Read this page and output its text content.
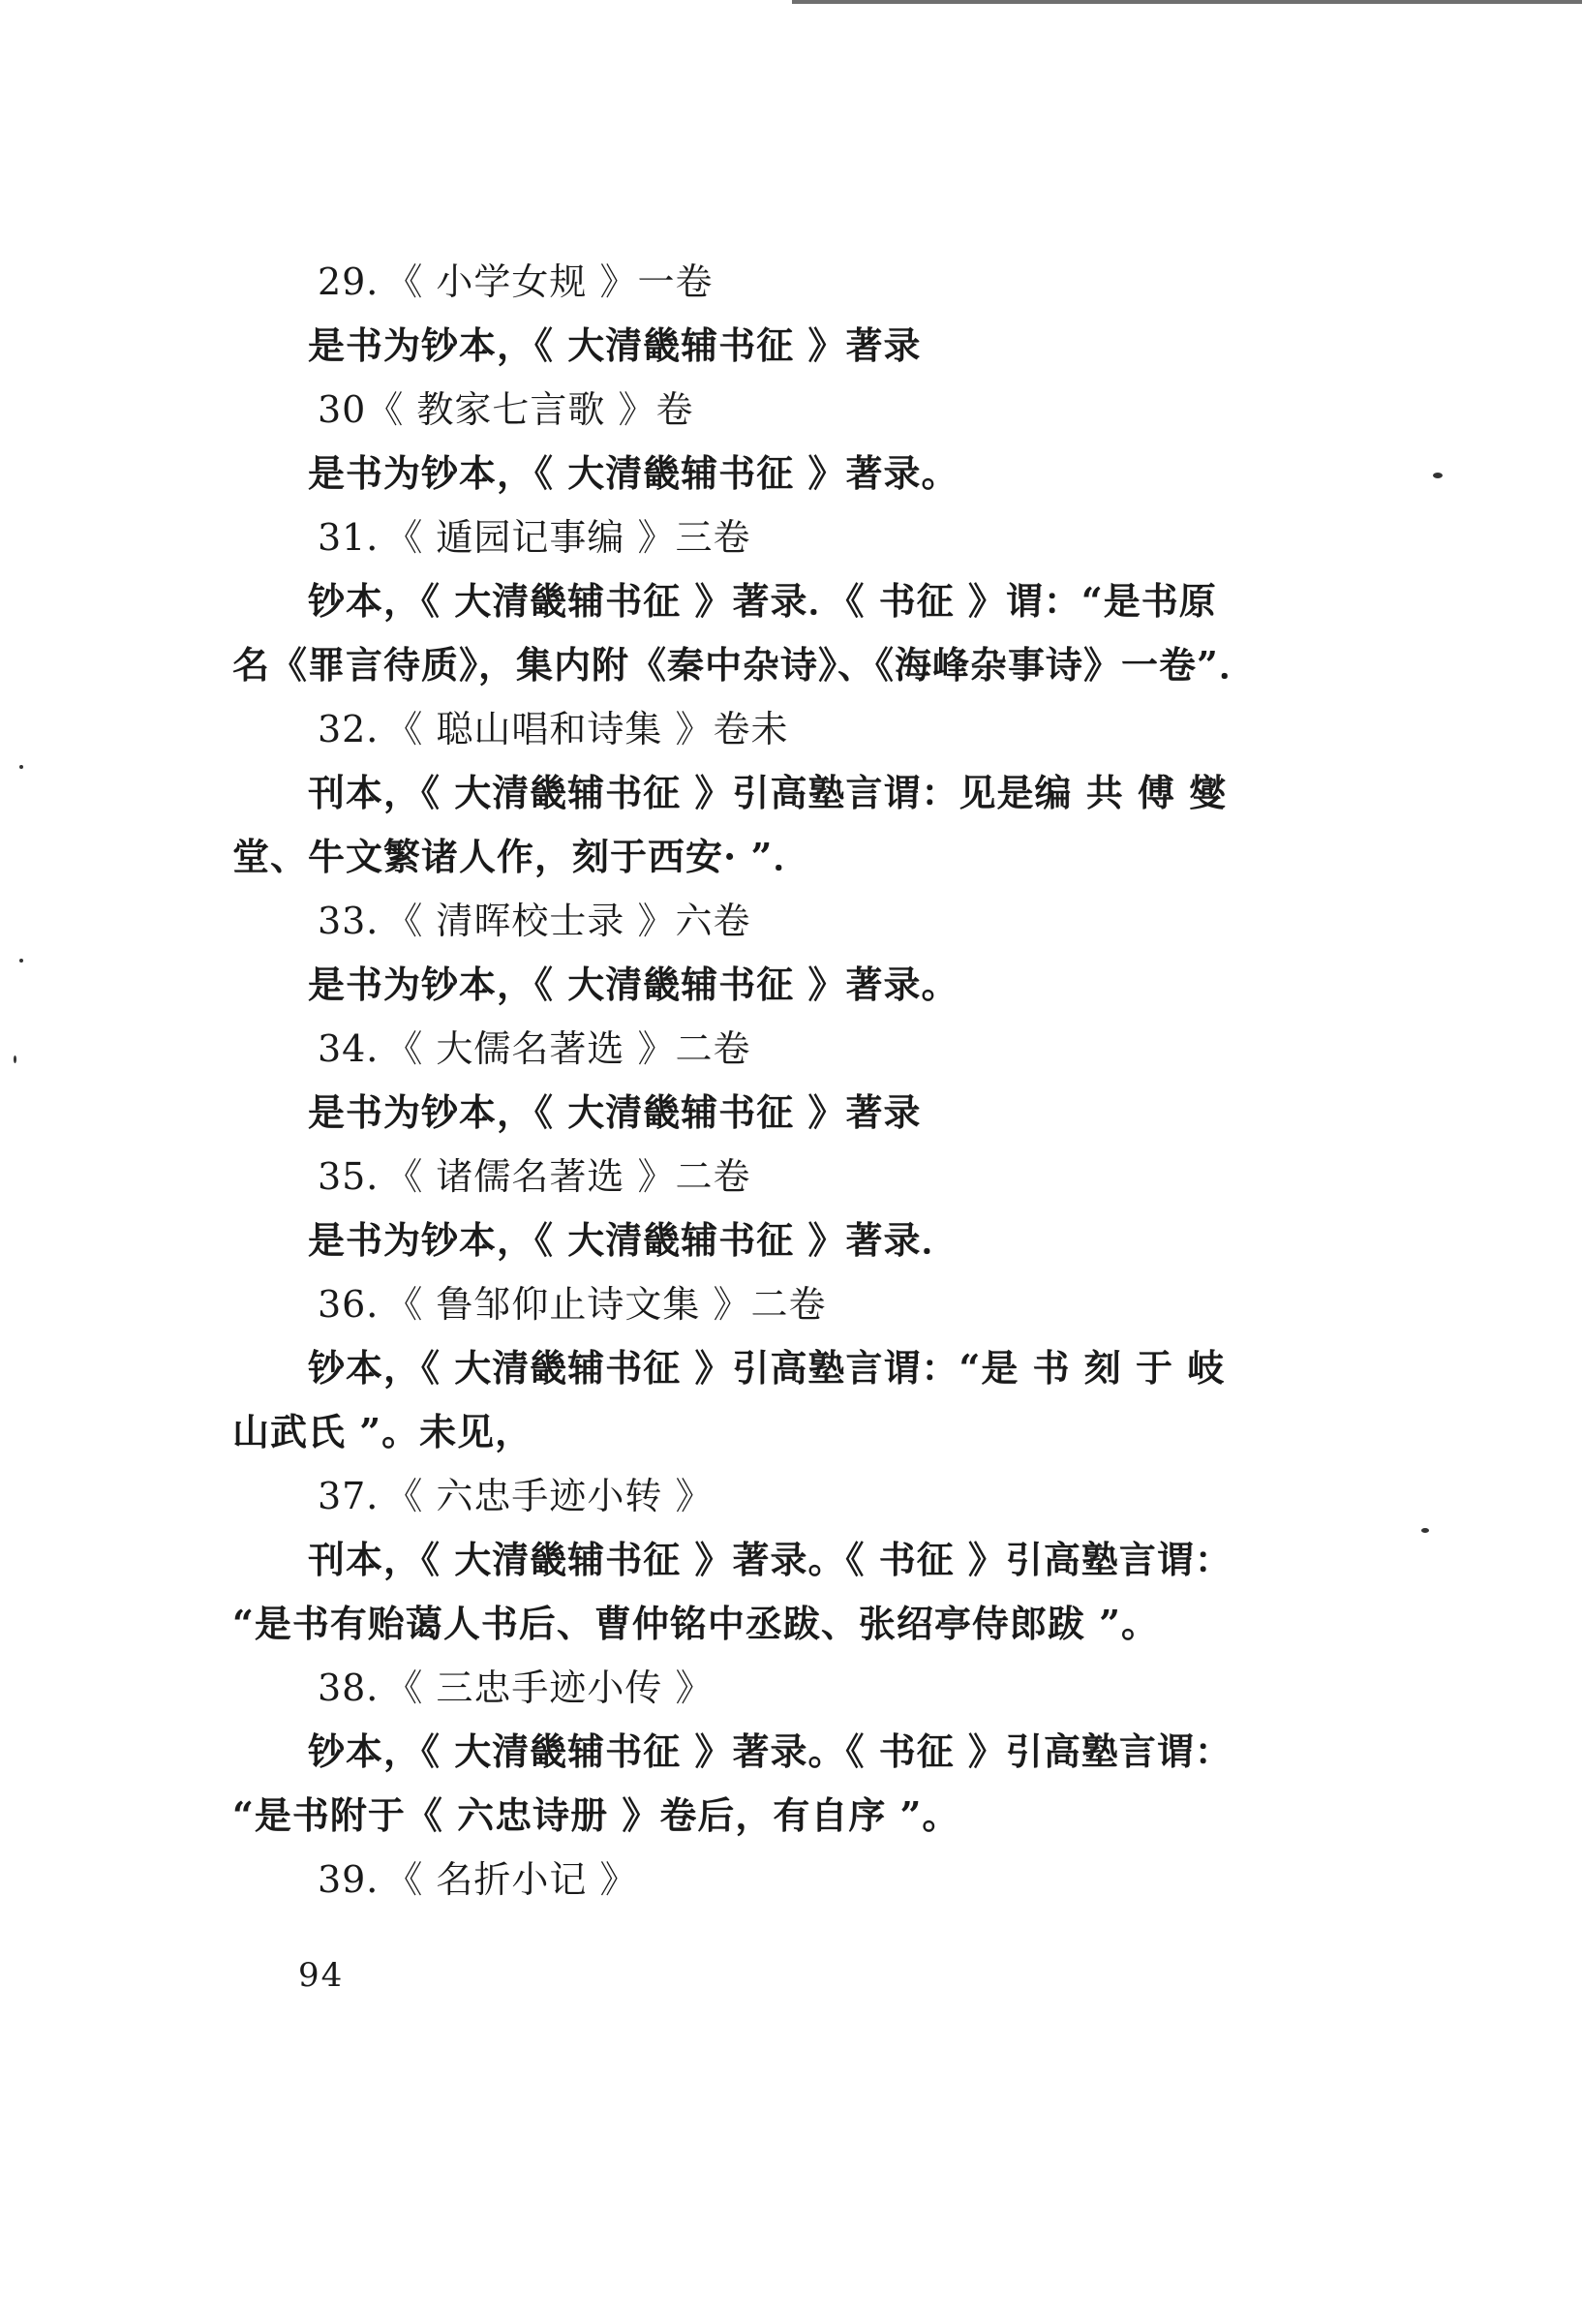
29．《 小学女规 》一卷
是书为钞本，《 大清畿辅书征 》著录
30《 教家七言歌 》卷
是书为钞本，《 大清畿辅书征 》著录。
31．《 遁园记事编 》三卷
钞本，《 大清畿辅书征 》著录．《 书征 》谓：“是书原
名《罪言待质》，集内附《秦中杂诗》、《海峰杂事诗》一卷”．
32．《 聪山唱和诗集 》卷未
刊本，《 大清畿辅书征 》引高塾言谓：见是编 共 傅 燮
堂、牛文繁诸人作，刻于西安· ”．
33．《 清晖校士录 》六卷
是书为钞本，《 大清畿辅书征 》著录。
34．《 大儒名著选 》二卷
是书为钞本，《 大清畿辅书征 》著录
35．《 诸儒名著选 》二卷
是书为钞本，《 大清畿辅书征 》著录．
36．《 鲁邹仰止诗文集 》二卷
钞本，《 大清畿辅书征 》引高塾言谓：“是 书 刻 于 岐
山武氏 ”。未见，
37．《 六忠手迹小转 》
刊本，《 大清畿辅书征 》著录。《 书征 》引高塾言谓：
“是书有贻蔼人书后、曹仲铭中丞跋、张绍亭侍郎跋 ”。
38．《 三忠手迹小传 》
钞本，《 大清畿辅书征 》著录。《 书征 》引高塾言谓：
“是书附于《 六忠诗册 》卷后，有自序 ”。
39．《 名折小记 》
94
